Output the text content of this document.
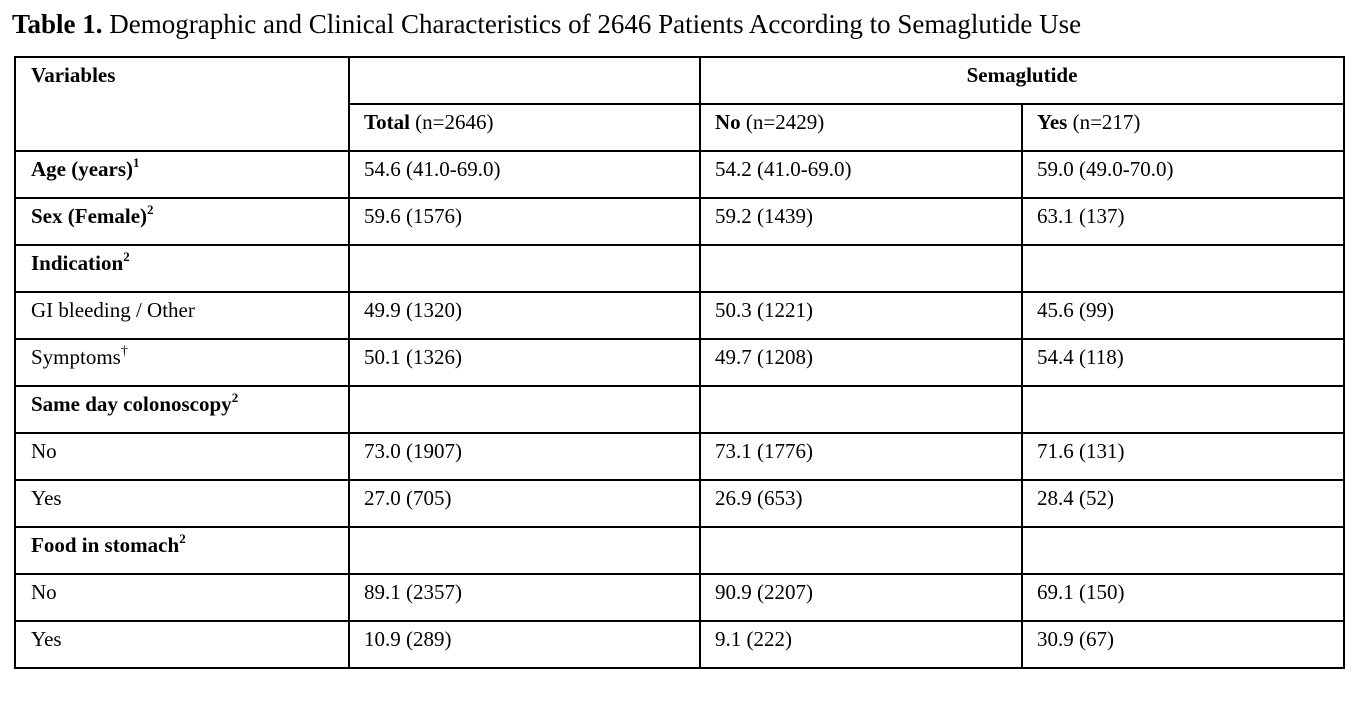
Table 1. Demographic and Clinical Characteristics of 2646 Patients According to Semaglutide Use
Variables		Semaglutide	
	Total (n=2646)	No (n=2429)	Yes (n=217)
Age (years)$^1$	54.6 (41.0-69.0)	54.2 (41.0-69.0)	59.0 (49.0-70.0)
Sex (Female)$^2$	59.6 (1576)	59.2 (1439)	63.1 (137)
Indication$^2$			
GI bleeding / Other	49.9 (1320)	50.3 (1221)	45.6 (99)
Symptoms†	50.1 (1326)	49.7 (1208)	54.4 (118)
Same day colonoscopy$^2$			
No	73.0 (1907)	73.1 (1776)	71.6 (131)
Yes	27.0 (705)	26.9 (653)	28.4 (52)
Food in stomach$^2$			
No	89.1 (2357)	90.9 (2207)	69.1 (150)
Yes	10.9 (289)	9.1 (222)	30.9 (67)
